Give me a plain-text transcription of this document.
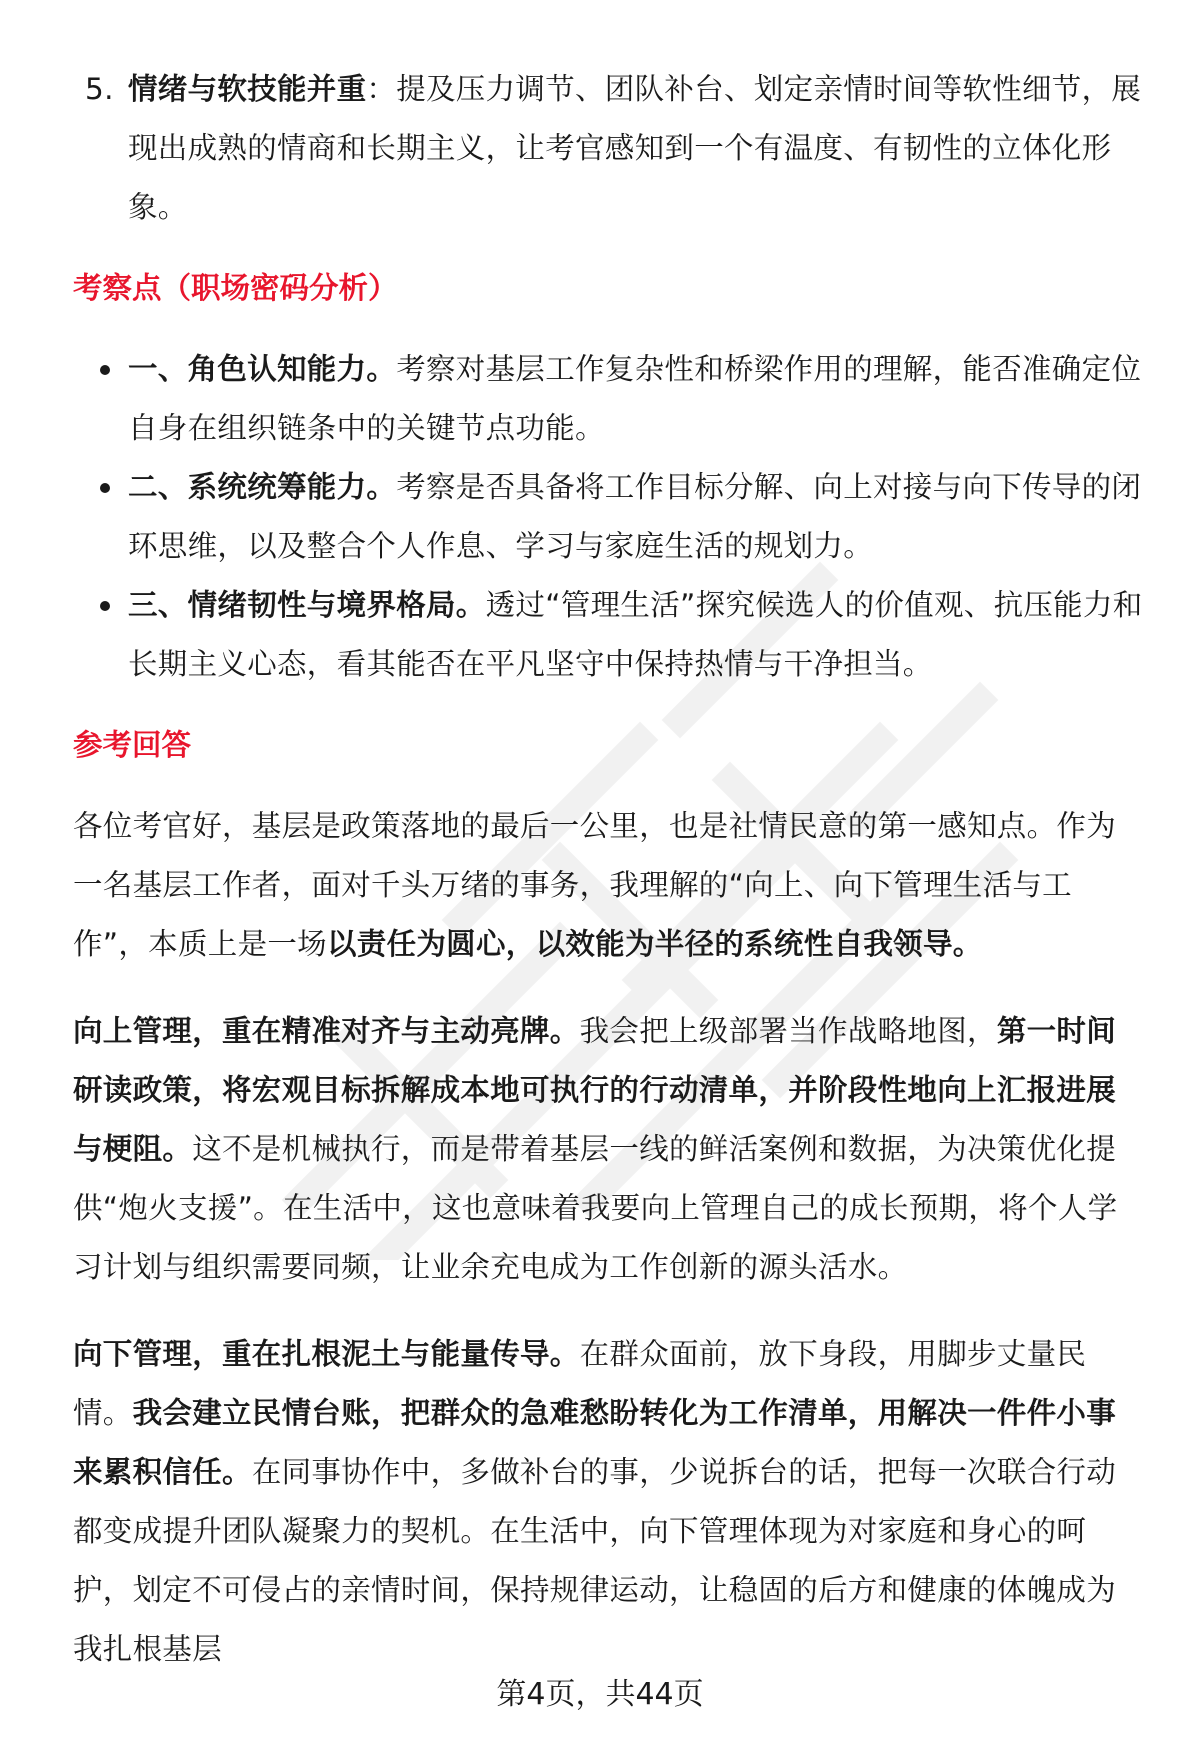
5. 情绪与软技能并重：提及压力调节、团队补台、划定亲情时间等软性细节，展现出成熟的情商和长期主义，让考官感知到一个有温度、有韧性的立体化形象。

考察点（职场密码分析）
一、角色认知能力。考察对基层工作复杂性和桥梁作用的理解，能否准确定位自身在组织链条中的关键节点功能。
二、系统统筹能力。考察是否具备将工作目标分解、向上对接与向下传导的闭环思维，以及整合个人作息、学习与家庭生活的规划力。
三、情绪韧性与境界格局。透过“管理生活”探究候选人的价值观、抗压能力和长期主义心态，看其能否在平凡坚守中保持热情与干净担当。
参考回答

各位考官好，基层是政策落地的最后一公里，也是社情民意的第一感知点。作为一名基层工作者，面对千头万绪的事务，我理解的“向上、向下管理生活与工作”，本质上是一场以责任为圆心，以效能为半径的系统性自我领导。

向上管理，重在精准对齐与主动亮牌。我会把上级部署当作战略地图，第一时间研读政策，将宏观目标拆解成本地可执行的行动清单，并阶段性地向上汇报进展与梗阻。这不是机械执行，而是带着基层一线的鲜活案例和数据，为决策优化提供“炮火支援”。在生活中，这也意味着我要向上管理自己的成长预期，将个人学习计划与组织需要同频，让业余充电成为工作创新的源头活水。

向下管理，重在扎根泥土与能量传导。在群众面前，放下身段，用脚步丈量民情。我会建立民情台账，把群众的急难愁盼转化为工作清单，用解决一件件小事来累积信任。在同事协作中，多做补台的事，少说拆台的话，把每一次联合行动都变成提升团队凝聚力的契机。在生活中，向下管理体现为对家庭和身心的呵护，划定不可侵占的亲情时间，保持规律运动，让稳固的后方和健康的体魄成为我扎根基层

第4页，共44页
